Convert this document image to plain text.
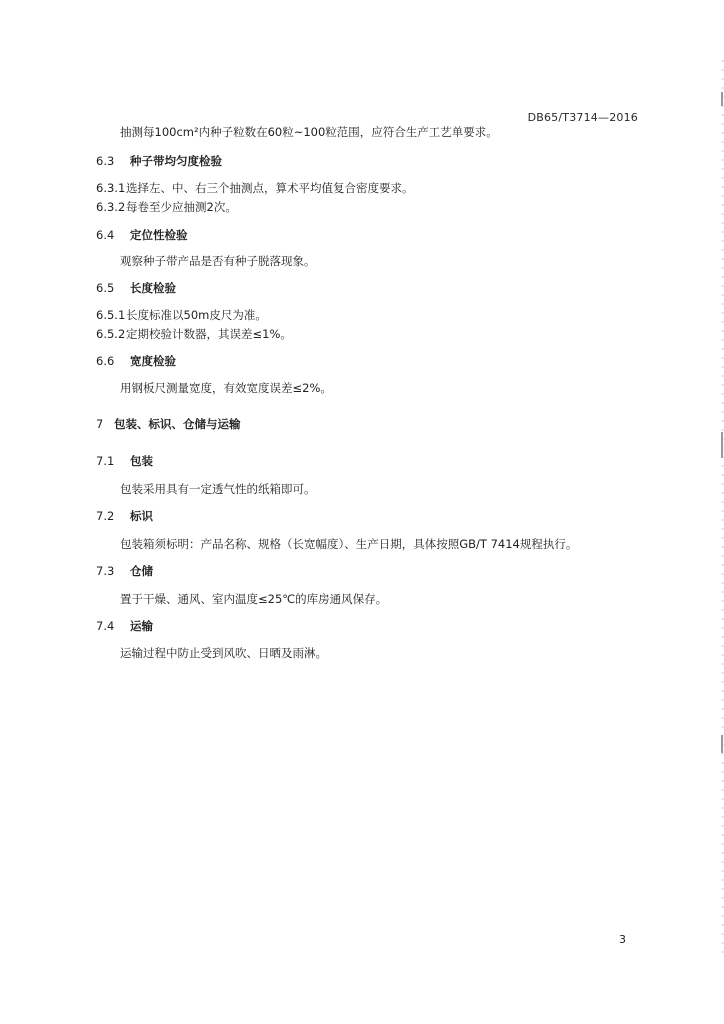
DB65/T3714—2016
抽测每100cm²内种子粒数在60粒~100粒范围，应符合生产工艺单要求。
6.3 种子带均匀度检验
6.3.1选择左、中、右三个抽测点，算术平均值复合密度要求。
6.3.2每卷至少应抽测2次。
6.4 定位性检验
观察种子带产品是否有种子脱落现象。
6.5 长度检验
6.5.1长度标准以50m皮尺为准。
6.5.2定期校验计数器，其误差≤1%。
6.6 宽度检验
用钢板尺测量宽度，有效宽度误差≤2%。
7 包装、标识、仓储与运输
7.1 包装
包装采用具有一定透气性的纸箱即可。
7.2 标识
包装箱须标明：产品名称、规格（长宽幅度）、生产日期，具体按照GB/T 7414规程执行。
7.3 仓储
置于干燥、通风、室内温度≤25℃的库房通风保存。
7.4 运输
运输过程中防止受到风吹、日晒及雨淋。
3
